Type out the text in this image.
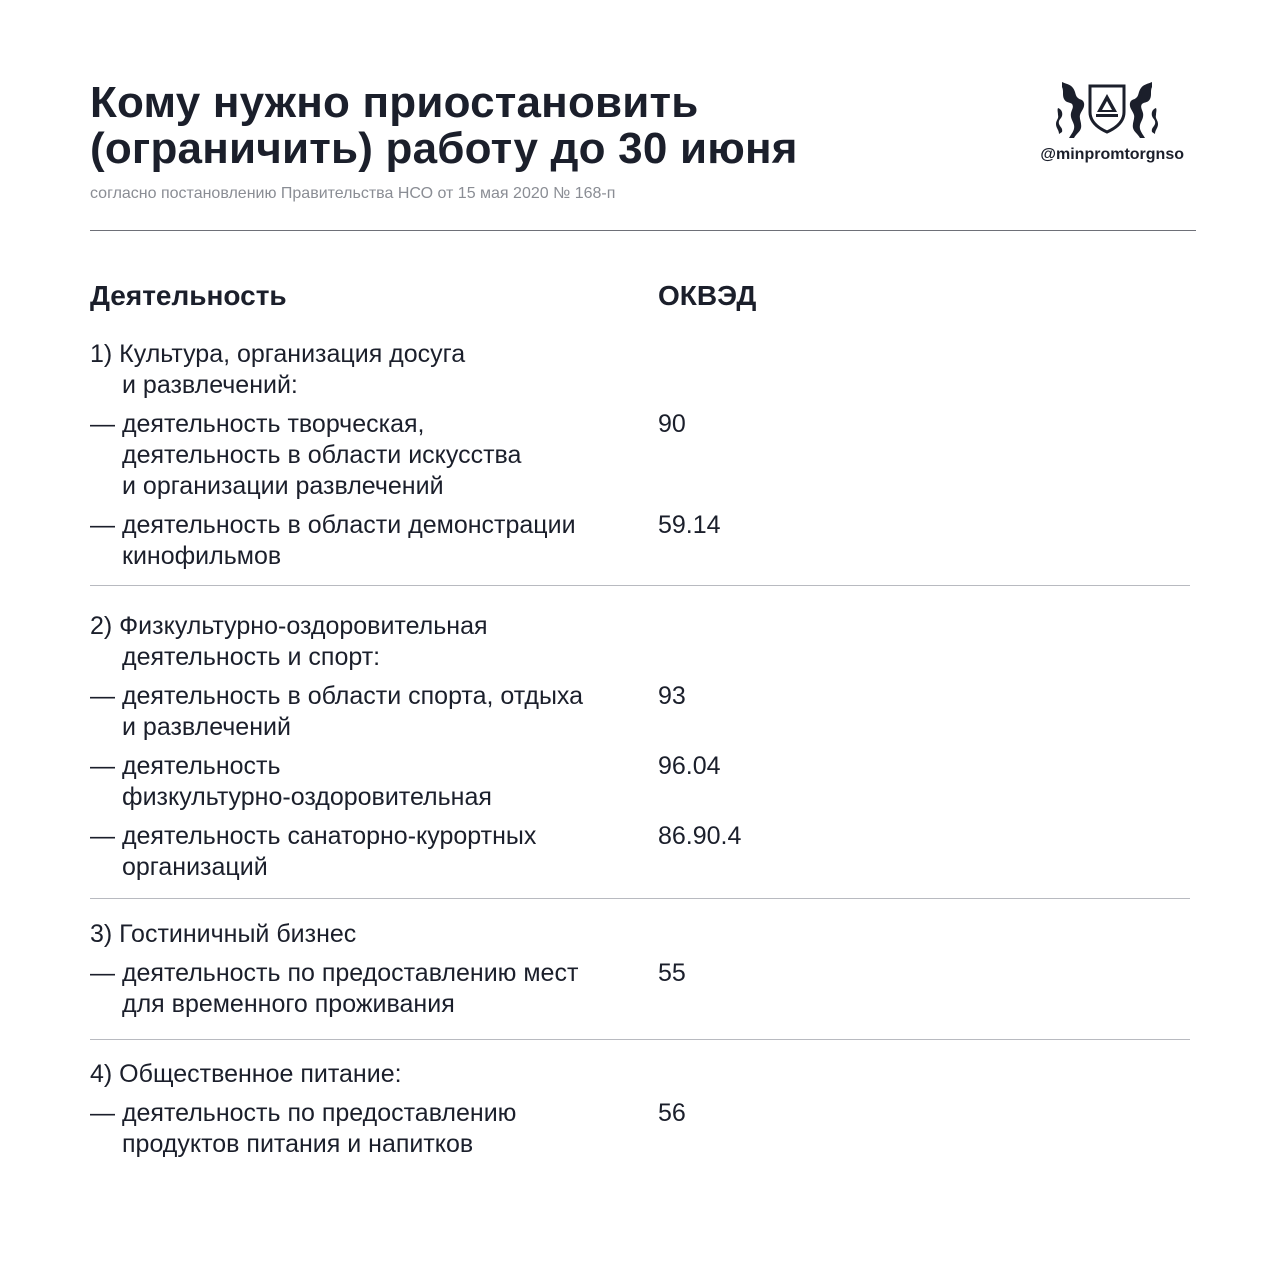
Кому нужно приостановить
(ограничить) работу до 30 июня
согласно постановлению Правительства НСО от 15 мая 2020 № 168-п
@minpromtorgnso
Деятельность	ОКВЭД
1) Культура, организация досуга
и развлечений:
— деятельность творческая,
деятельность в области искусства
и организации развлечений
90
— деятельность в области демонстрации
кинофильмов
59.14
2) Физкультурно-оздоровительная
деятельность и спорт:
— деятельность в области спорта, отдыха
и развлечений
93
— деятельность
физкультурно-оздоровительная
96.04
— деятельность санаторно-курортных
организаций
86.90.4
3) Гостиничный бизнес
— деятельность по предоставлению мест
для временного проживания
55
4) Общественное питание:
— деятельность по предоставлению
продуктов питания и напитков
56
